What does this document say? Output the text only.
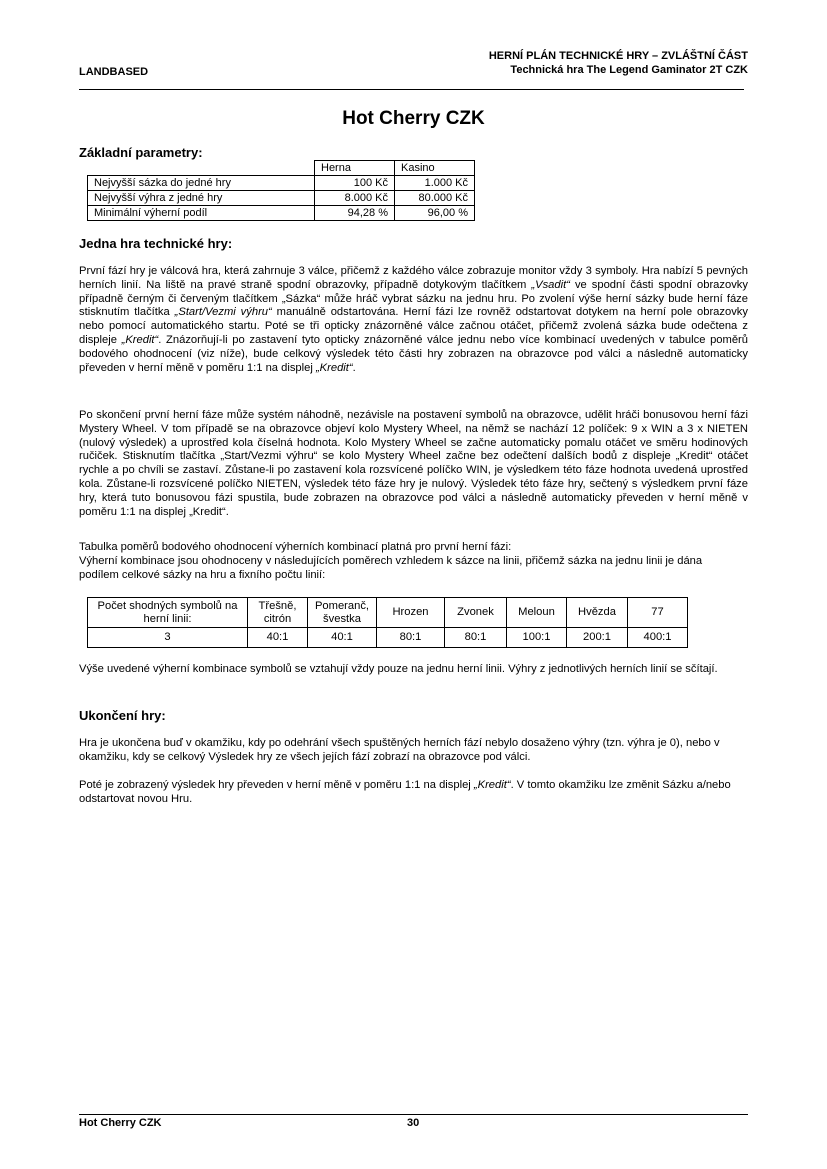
LANDBASED
HERNÍ PLÁN TECHNICKÉ HRY – ZVLÁŠTNÍ ČÁST
Technická hra The Legend Gaminator 2T CZK
Hot Cherry CZK
Základní parametry:
	Herna	Kasino
Nejvyšší sázka do jedné hry	100 Kč	1.000 Kč
Nejvyšší výhra z jedné hry	8.000 Kč	80.000 Kč
Minimální výherní podíl	94,28 %	96,00 %
Jedna hra technické hry:
První fází hry je válcová hra, která zahrnuje 3 válce, přičemž z každého válce zobrazuje monitor vždy 3 symboly. Hra nabízí 5 pevných herních linií. Na liště na pravé straně spodní obrazovky, případně dotykovým tlačítkem „Vsadit“ ve spodní části spodní obrazovky případně černým či červeným tlačítkem „Sázka“ může hráč vybrat sázku na jednu hru. Po zvolení výše herní sázky bude herní fáze stisknutím tlačítka „Start/Vezmi výhru“ manuálně odstartována. Herní fázi lze rovněž odstartovat dotykem na herní pole obrazovky nebo pomocí automatického startu. Poté se tři opticky znázorněné válce začnou otáčet, přičemž zvolená sázka bude odečtena z displeje „Kredit“. Znázorňují-li po zastavení tyto opticky znázorněné válce jednu nebo více kombinací uvedených v tabulce poměrů bodového ohodnocení (viz níže), bude celkový výsledek této části hry zobrazen na obrazovce pod válci a následně automaticky převeden v herní měně v poměru 1:1 na displej „Kredit“.
Po skončení první herní fáze může systém náhodně, nezávisle na postavení symbolů na obrazovce, udělit hráči bonusovou herní fázi Mystery Wheel. V tom případě se na obrazovce objeví kolo Mystery Wheel, na němž se nachází 12 políček: 9 x WIN a 3 x NIETEN (nulový výsledek) a uprostřed kola číselná hodnota. Kolo Mystery Wheel se začne automaticky pomalu otáčet ve směru hodinových ručiček. Stisknutím tlačítka „Start/Vezmi výhru“ se kolo Mystery Wheel začne bez odečtení dalších bodů z displeje „Kredit“ otáčet rychle a po chvíli se zastaví. Zůstane-li po zastavení kola rozsvícené políčko WIN, je výsledkem této fáze hodnota uvedená uprostřed kola. Zůstane-li rozsvícené políčko NIETEN, výsledek této fáze hry je nulový. Výsledek této fáze hry, sečtený s výsledkem první fáze hry, která tuto bonusovou fázi spustila, bude zobrazen na obrazovce pod válci a následně automaticky převeden v herní měně v poměru 1:1 na displej „Kredit“.
Tabulka poměrů bodového ohodnocení výherních kombinací platná pro první herní fázi:
Výherní kombinace jsou ohodnoceny v následujících poměrech vzhledem k sázce na linii, přičemž sázka na jednu linii je dána podílem celkové sázky na hru a fixního počtu linií:
Počet shodných symbolů na herní linii:	Třešně, citrón	Pomeranč, švestka	Hrozen	Zvonek	Meloun	Hvězda	77
3	40:1	40:1	80:1	80:1	100:1	200:1	400:1
Výše uvedené výherní kombinace symbolů se vztahují vždy pouze na jednu herní linii. Výhry z jednotlivých herních linií se sčítají.
Ukončení hry:
Hra je ukončena buď v okamžiku, kdy po odehrání všech spuštěných herních fází nebylo dosaženo výhry (tzn. výhra je 0), nebo v okamžiku, kdy se celkový Výsledek hry ze všech jejích fází zobrazí na obrazovce pod válci.
Poté je zobrazený výsledek hry převeden v herní měně v poměru 1:1 na displej „Kredit“. V tomto okamžiku lze změnit Sázku a/nebo odstartovat novou Hru.
Hot Cherry CZK	30
